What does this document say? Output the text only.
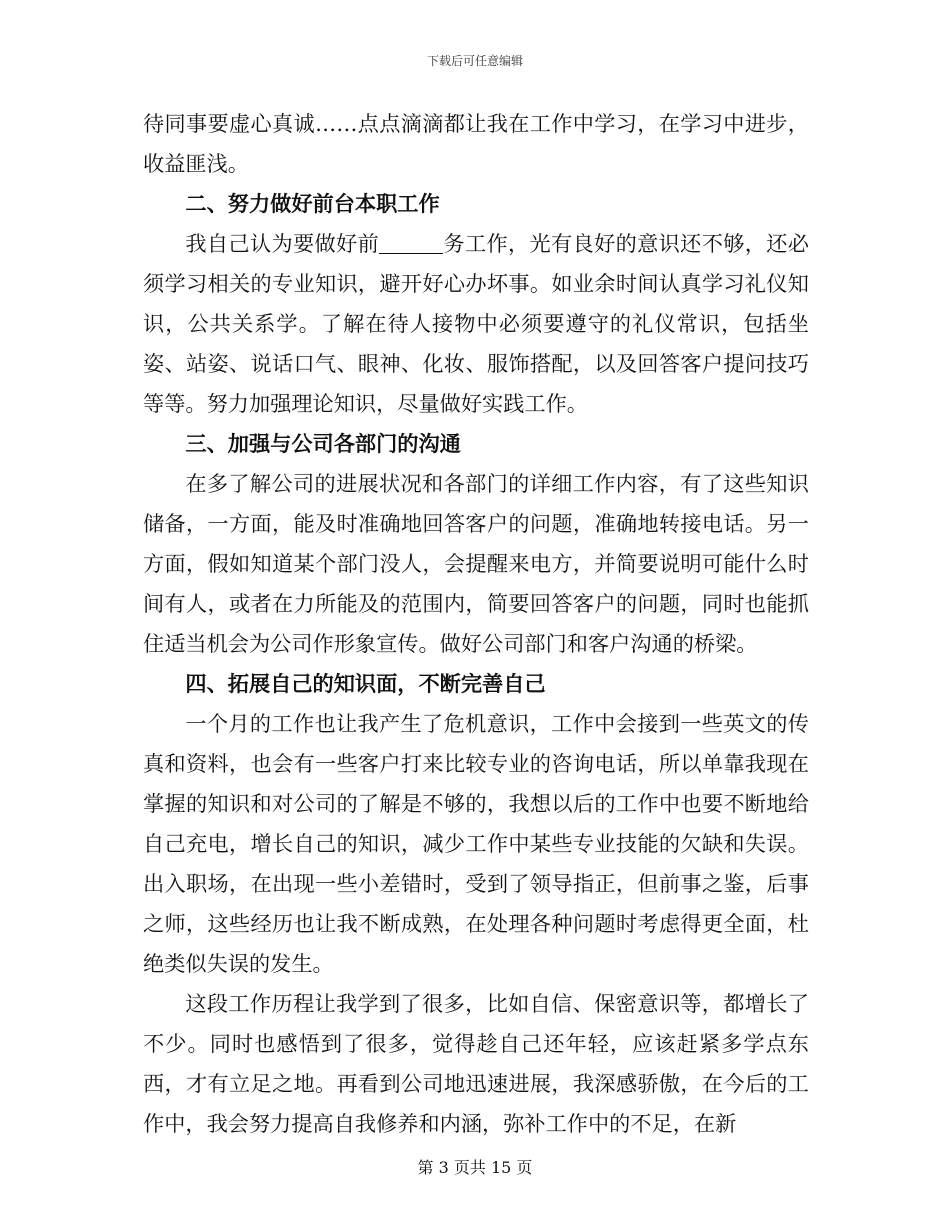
下载后可任意编辑

待同事要虚心真诚……点点滴滴都让我在工作中学习，在学习中进步，收益匪浅。

二、努力做好前台本职工作

我自己认为要做好前	务工作，光有良好的意识还不够，还必须学习相关的专业知识，避开好心办坏事。如业余时间认真学习礼仪知识，公共关系学。了解在待人接物中必须要遵守的礼仪常识，包括坐姿、站姿、说话口气、眼神、化妆、服饰搭配，以及回答客户提问技巧等等。努力加强理论知识，尽量做好实践工作。

三、加强与公司各部门的沟通

在多了解公司的进展状况和各部门的详细工作内容，有了这些知识储备，一方面，能及时准确地回答客户的问题，准确地转接电话。另一方面，假如知道某个部门没人，会提醒来电方，并简要说明可能什么时间有人，或者在力所能及的范围内，简要回答客户的问题，同时也能抓住适当机会为公司作形象宣传。做好公司部门和客户沟通的桥梁。

四、拓展自己的知识面，不断完善自己

一个月的工作也让我产生了危机意识，工作中会接到一些英文的传真和资料，也会有一些客户打来比较专业的咨询电话，所以单靠我现在掌握的知识和对公司的了解是不够的，我想以后的工作中也要不断地给自己充电，增长自己的知识，减少工作中某些专业技能的欠缺和失误。出入职场，在出现一些小差错时，受到了领导指正，但前事之鉴，后事之师，这些经历也让我不断成熟，在处理各种问题时考虑得更全面，杜绝类似失误的发生。

这段工作历程让我学到了很多，比如自信、保密意识等，都增长了不少。同时也感悟到了很多，觉得趁自己还年轻，应该赶紧多学点东西，才有立足之地。再看到公司地迅速进展，我深感骄傲，在今后的工作中，我会努力提高自我修养和内涵，弥补工作中的不足，在新

第 3 页共 15 页
